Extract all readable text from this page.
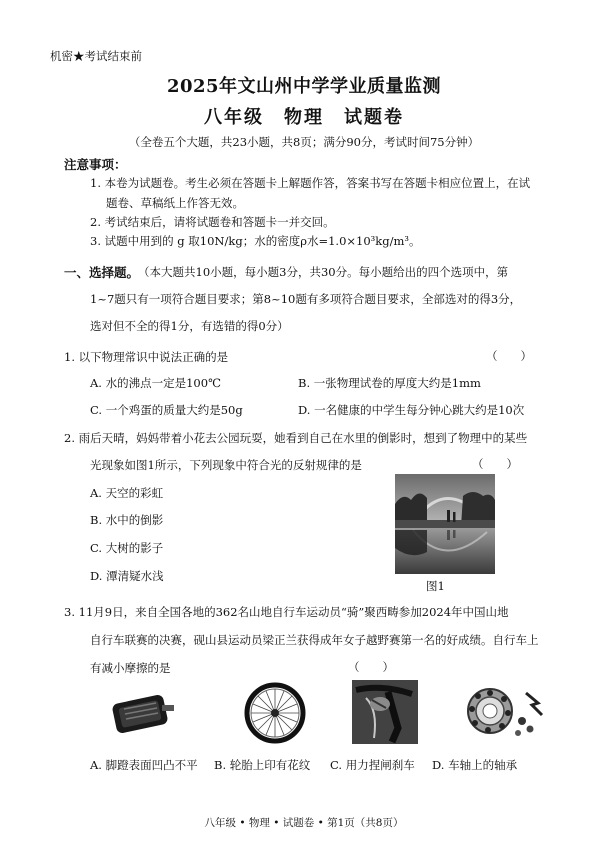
机密★考试结束前
2025年文山州中学学业质量监测
八年级　物理　试题卷
（全卷五个大题，共23小题，共8页；满分90分，考试时间75分钟）
注意事项：
1. 本卷为试题卷。考生必须在答题卡上解题作答，答案书写在答题卡相应位置上，在试
题卷、草稿纸上作答无效。
2. 考试结束后，请将试题卷和答题卡一并交回。
3. 试题中用到的 g 取10N/kg；水的密度ρ水=1.0×10³kg/m³。
一、选择题。
（本大题共10小题，每小题3分，共30分。每小题给出的四个选项中，第
1~7题只有一项符合题目要求；第8~10题有多项符合题目要求，全部选对的得3分，
选对但不全的得1分，有选错的得0分）
1. 以下物理常识中说法正确的是	（　　）
A. 水的沸点一定是100℃	B. 一张物理试卷的厚度大约是1mm
C. 一个鸡蛋的质量大约是50g	D. 一名健康的中学生每分钟心跳大约是10次
2. 雨后天晴，妈妈带着小花去公园玩耍，她看到自己在水里的倒影时，想到了物理中的某些
光现象如图1所示，下列现象中符合光的反射规律的是	（　　）
A. 天空的彩虹
B. 水中的倒影
C. 大树的影子
D. 潭清疑水浅
图1
3. 11月9日，来自全国各地的362名山地自行车运动员“骑”聚西畴参加2024年中国山地
自行车联赛的决赛，砚山县运动员梁正兰获得成年女子越野赛第一名的好成绩。自行车上
有减小摩擦的是	（　　）
A. 脚蹬表面凹凸不平 B. 轮胎上印有花纹 C. 用力捏闸刹车 D. 车轴上的轴承
八年级 • 物理 • 试题卷 • 第1页（共8页）
